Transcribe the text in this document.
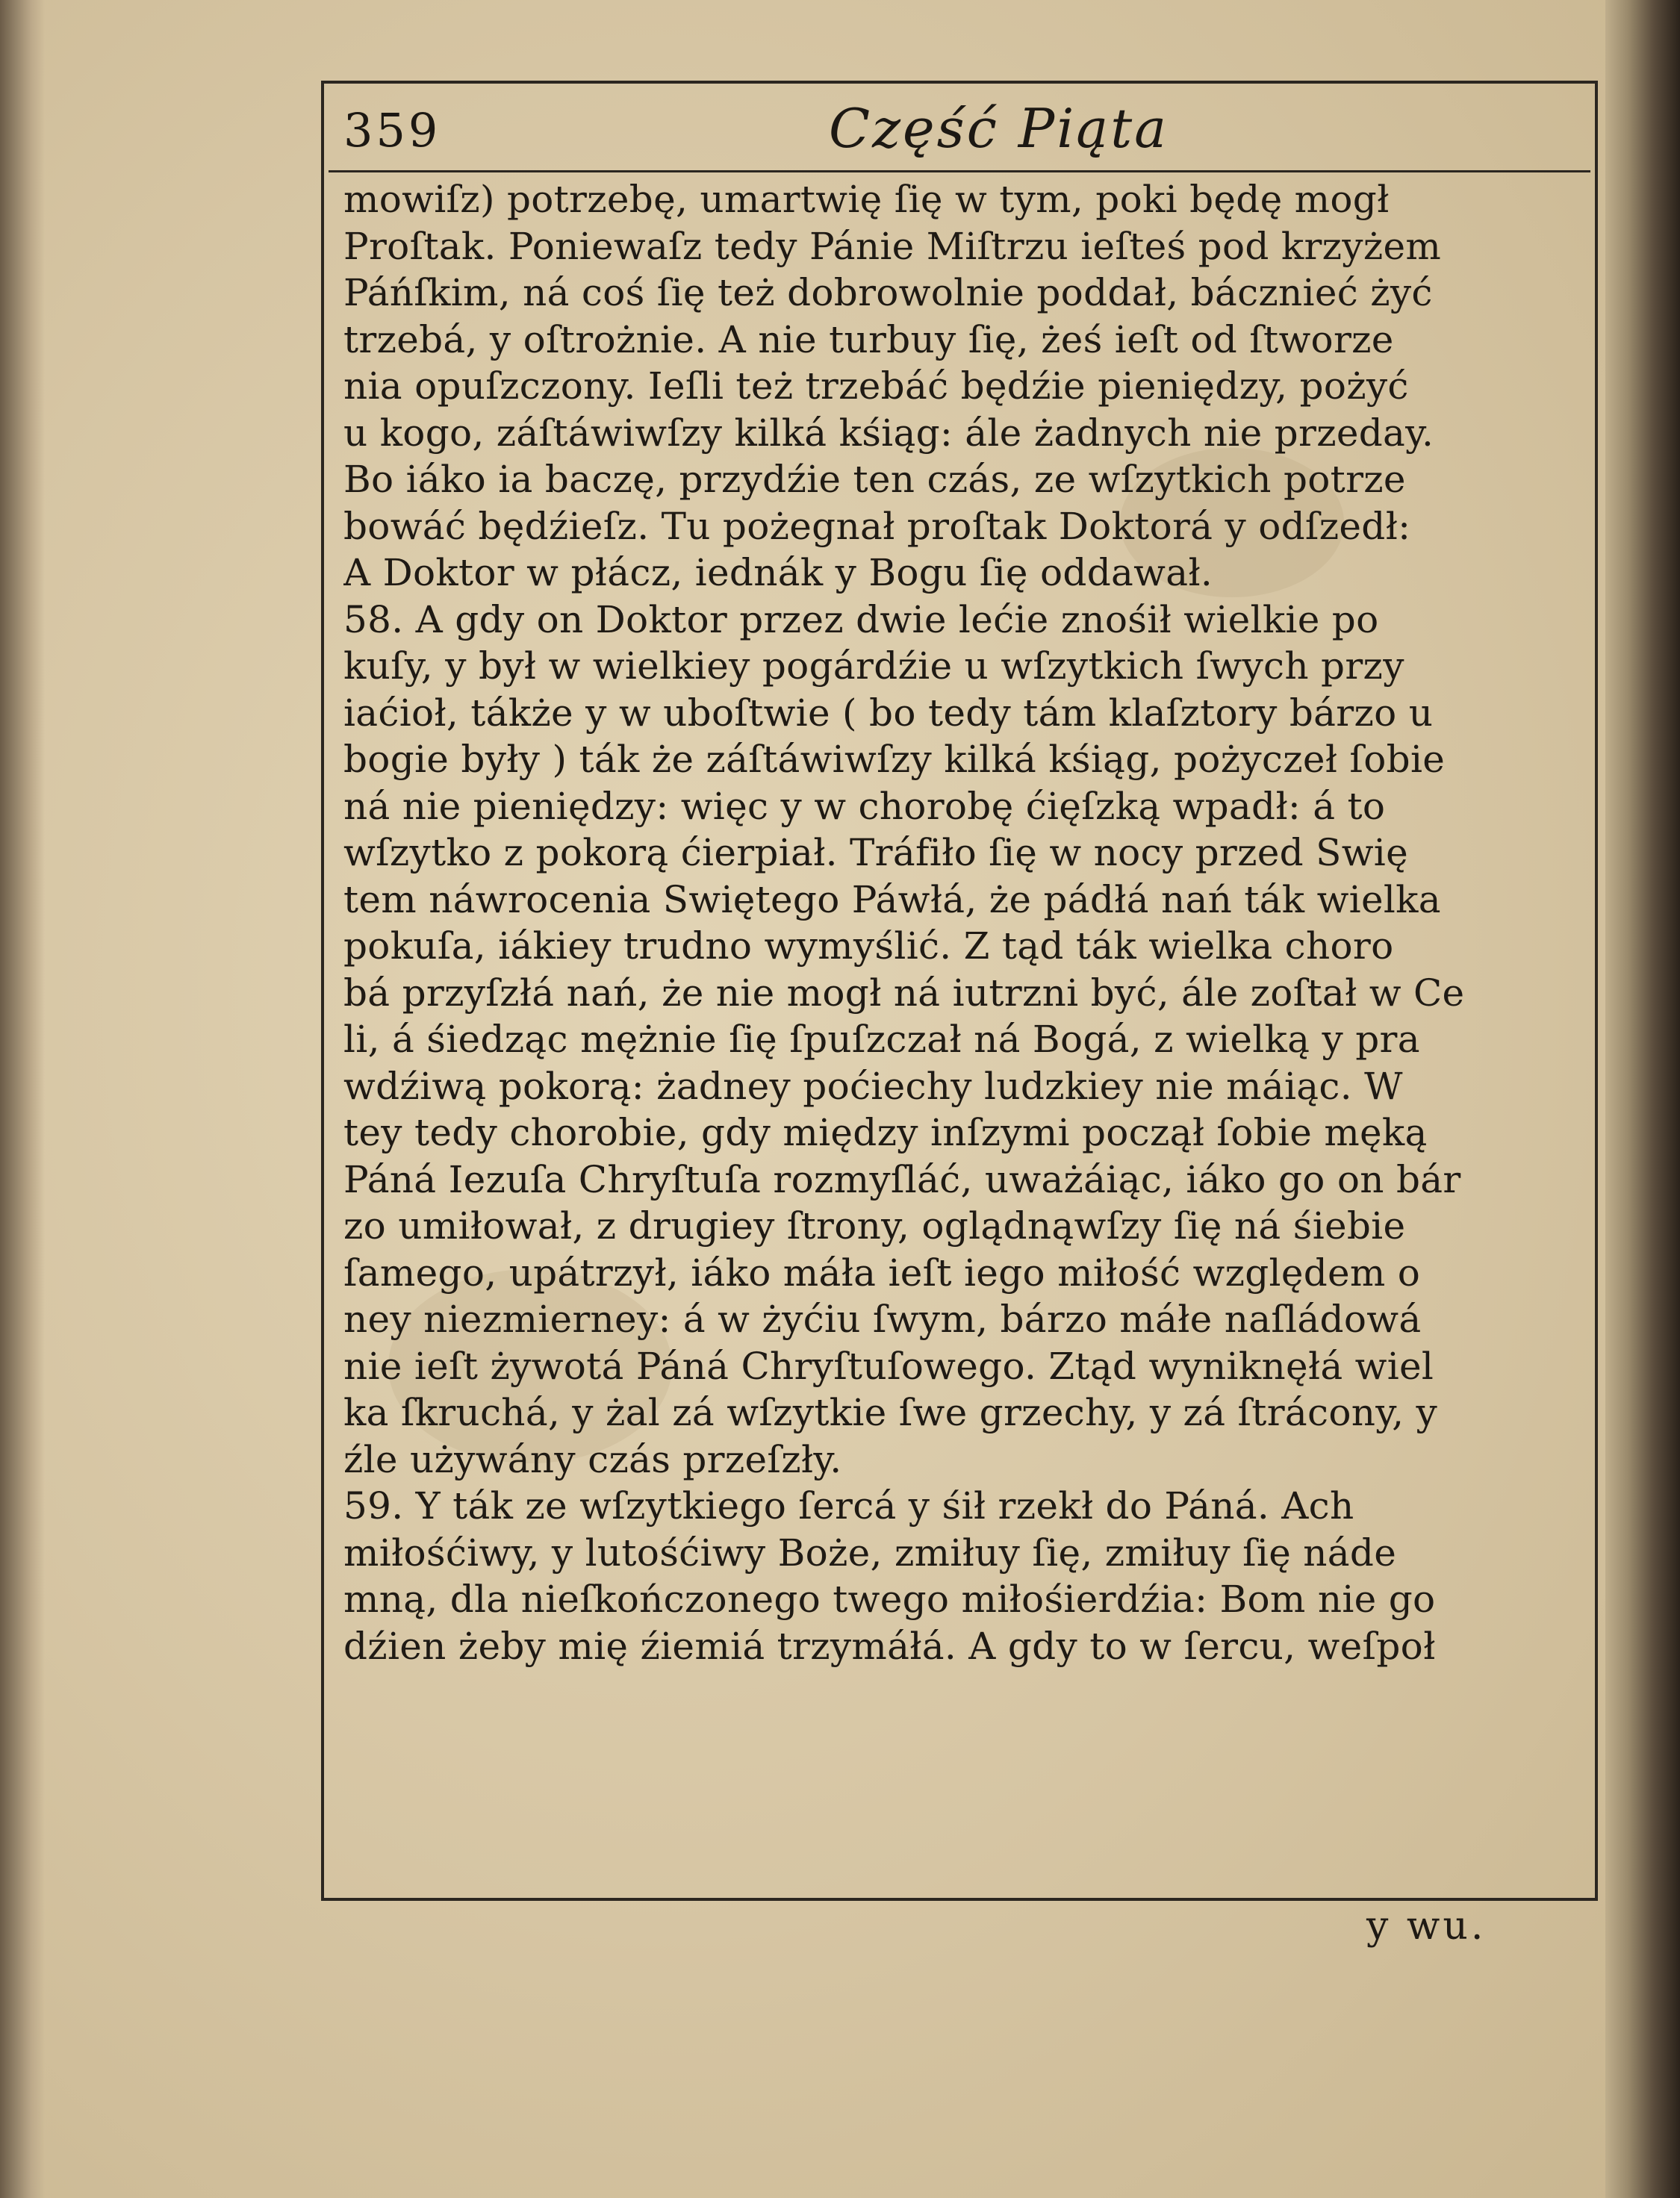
359	Część Piąta
mowiſz) potrzebę, umartwię ſię w tym, poki będę mogł
Proſtak. Poniewaſz tedy Pánie Miſtrzu ieſteś pod krzyżem
Páńſkim, ná coś ſię też dobrowolnie poddał, bácznieć żyć
trzebá, y oſtrożnie. A nie turbuy ſię, żeś ieſt od ſtworze
nia opuſzczony. Ieſli też trzebáć będźie pieniędzy, pożyć
u kogo, záſtáwiwſzy kilká kśiąg: ále żadnych nie przeday.
Bo iáko ia baczę, przydźie ten czás, ze wſzytkich potrze
bowáć będźieſz. Tu pożegnał proſtak Doktorá y odſzedł:
A Doktor w płácz, iednák y Bogu ſię oddawał.
58. A gdy on Doktor przez dwie lećie znośił wielkie po
kuſy, y był w wielkiey pogárdźie u wſzytkich ſwych przy
iaćioł, tákże y w uboſtwie ( bo tedy tám klaſztory bárzo u
bogie były ) ták że záſtáwiwſzy kilká kśiąg, pożyczeł ſobie
ná nie pieniędzy: więc y w chorobę ćięſzką wpadł: á to
wſzytko z pokorą ćierpiał. Tráfiło ſię w nocy przed Swię
tem náwrocenia Swiętego Páwłá, że pádłá nań ták wielka
pokuſa, iákiey trudno wymyślić. Z tąd ták wielka choro
bá przyſzłá nań, że nie mogł ná iutrzni być, ále zoſtał w Ce
li, á śiedząc mężnie ſię ſpuſzczał ná Bogá, z wielką y pra
wdźiwą pokorą: żadney poćiechy ludzkiey nie máiąc. W
tey tedy chorobie, gdy między inſzymi począł ſobie męką
Páná Iezuſa Chryſtuſa rozmyſláć, uważáiąc, iáko go on bár
zo umiłował, z drugiey ſtrony, oglądnąwſzy ſię ná śiebie
ſamego, upátrzył, iáko máła ieſt iego miłość względem o
ney niezmierney: á w żyćiu ſwym, bárzo máłe naſládowá
nie ieſt żywotá Páná Chryſtuſowego. Ztąd wyniknęłá wiel
ka ſkruchá, y żal zá wſzytkie ſwe grzechy, y zá ſtrácony, y
źle używány czás przeſzły.
59. Y ták ze wſzytkiego ſercá y śił rzekł do Páná. Ach
miłośćiwy, y lutośćiwy Boże, zmiłuy ſię, zmiłuy ſię náde
mną, dla nieſkończonego twego miłośierdźia: Bom nie go
dźien żeby mię źiemiá trzymáłá. A gdy to w ſercu, weſpoł
y wu.
